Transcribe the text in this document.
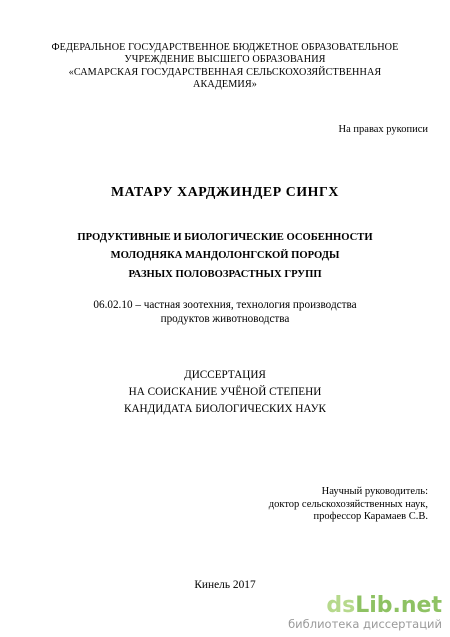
ФЕДЕРАЛЬНОЕ ГОСУДАРСТВЕННОЕ БЮДЖЕТНОЕ ОБРАЗОВАТЕЛЬНОЕ
УЧРЕЖДЕНИЕ ВЫСШЕГО ОБРАЗОВАНИЯ
«САМАРСКАЯ ГОСУДАРСТВЕННАЯ СЕЛЬСКОХОЗЯЙСТВЕННАЯ
АКАДЕМИЯ»
На правах рукописи
МАТАРУ ХАРДЖИНДЕР СИНГХ
ПРОДУКТИВНЫЕ И БИОЛОГИЧЕСКИЕ ОСОБЕННОСТИ
МОЛОДНЯКА МАНДОЛОНГСКОЙ ПОРОДЫ
РАЗНЫХ ПОЛОВОЗРАСТНЫХ ГРУПП
06.02.10 – частная зоотехния, технология производства
продуктов животноводства
ДИССЕРТАЦИЯ
НА СОИСКАНИЕ УЧЁНОЙ СТЕПЕНИ
КАНДИДАТА БИОЛОГИЧЕСКИХ НАУК
Научный руководитель:
доктор сельскохозяйственных наук,
профессор Карамаев С.В.
Кинель 2017
dsLib.net
библиотека диссертаций
